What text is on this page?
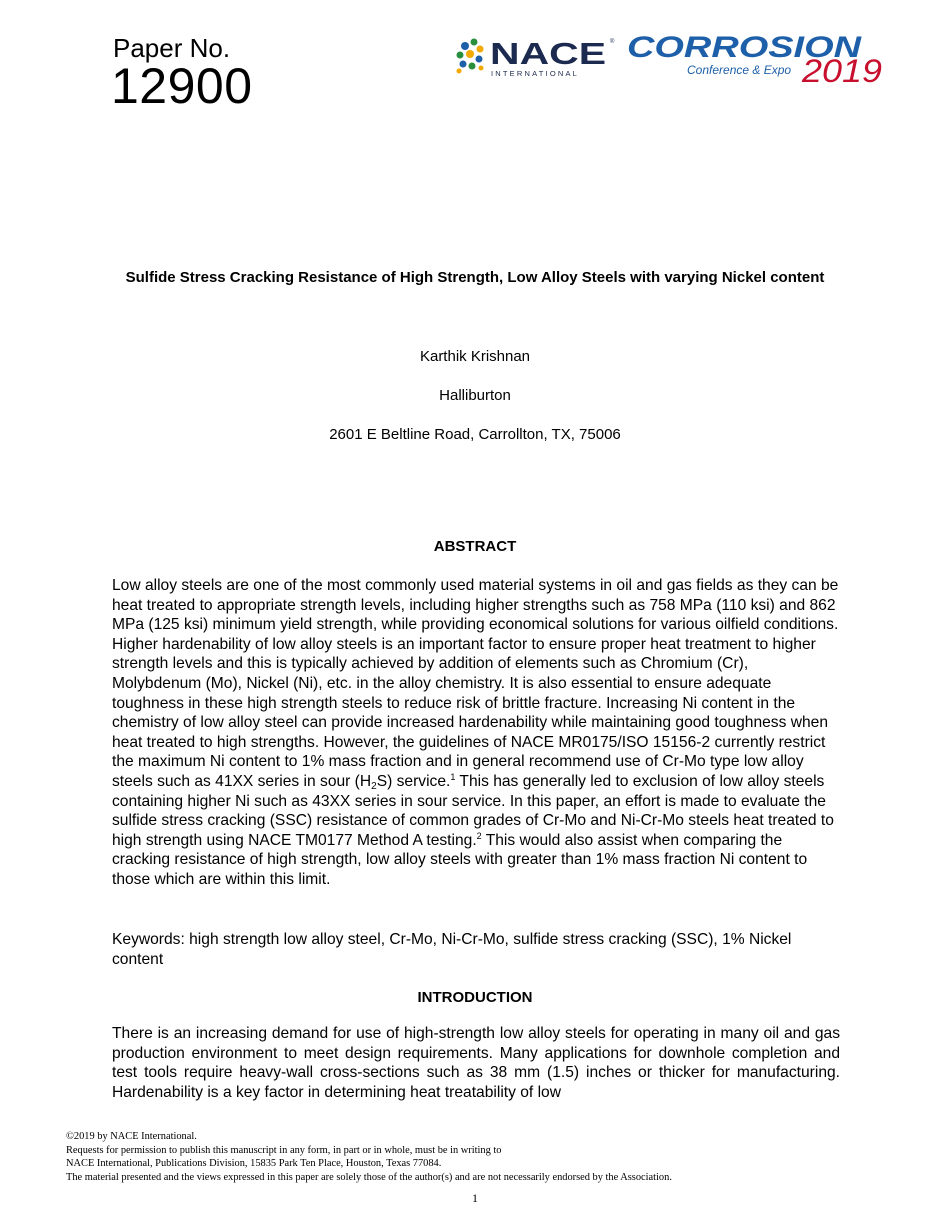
Paper No.
12900
NACE ®
INTERNATIONAL
CORROSION
Conference & Expo 2019
Sulfide Stress Cracking Resistance of High Strength, Low Alloy Steels with varying Nickel content
Karthik Krishnan
Halliburton
2601 E Beltline Road, Carrollton, TX, 75006
ABSTRACT
Low alloy steels are one of the most commonly used material systems in oil and gas fields as they can be heat treated to appropriate strength levels, including higher strengths such as 758 MPa (110 ksi) and 862 MPa (125 ksi) minimum yield strength, while providing economical solutions for various oilfield conditions. Higher hardenability of low alloy steels is an important factor to ensure proper heat treatment to higher strength levels and this is typically achieved by addition of elements such as Chromium (Cr), Molybdenum (Mo), Nickel (Ni), etc. in the alloy chemistry. It is also essential to ensure adequate toughness in these high strength steels to reduce risk of brittle fracture. Increasing Ni content in the chemistry of low alloy steel can provide increased hardenability while maintaining good toughness when heat treated to high strengths. However, the guidelines of NACE MR0175/ISO 15156-2 currently restrict the maximum Ni content to 1% mass fraction and in general recommend use of Cr-Mo type low alloy steels such as 41XX series in sour $(H_2S)$ service.$^1$ This has generally led to exclusion of low alloy steels containing higher Ni such as 43XX series in sour service. In this paper, an effort is made to evaluate the sulfide stress cracking (SSC) resistance of common grades of Cr-Mo and Ni-Cr-Mo steels heat treated to high strength using NACE TM0177 Method A testing.$^2$ This would also assist when comparing the cracking resistance of high strength, low alloy steels with greater than 1% mass fraction Ni content to those which are within this limit.
Keywords: high strength low alloy steel, Cr-Mo, Ni-Cr-Mo, sulfide stress cracking (SSC), 1% Nickel content
INTRODUCTION
There is an increasing demand for use of high-strength low alloy steels for operating in many oil and gas production environment to meet design requirements. Many applications for downhole completion and test tools require heavy-wall cross-sections such as 38 mm (1.5) inches or thicker for manufacturing. Hardenability is a key factor in determining heat treatability of low
©2019 by NACE International.
Requests for permission to publish this manuscript in any form, in part or in whole, must be in writing to
NACE International, Publications Division, 15835 Park Ten Place, Houston, Texas 77084.
The material presented and the views expressed in this paper are solely those of the author(s) and are not necessarily endorsed by the Association.
1
